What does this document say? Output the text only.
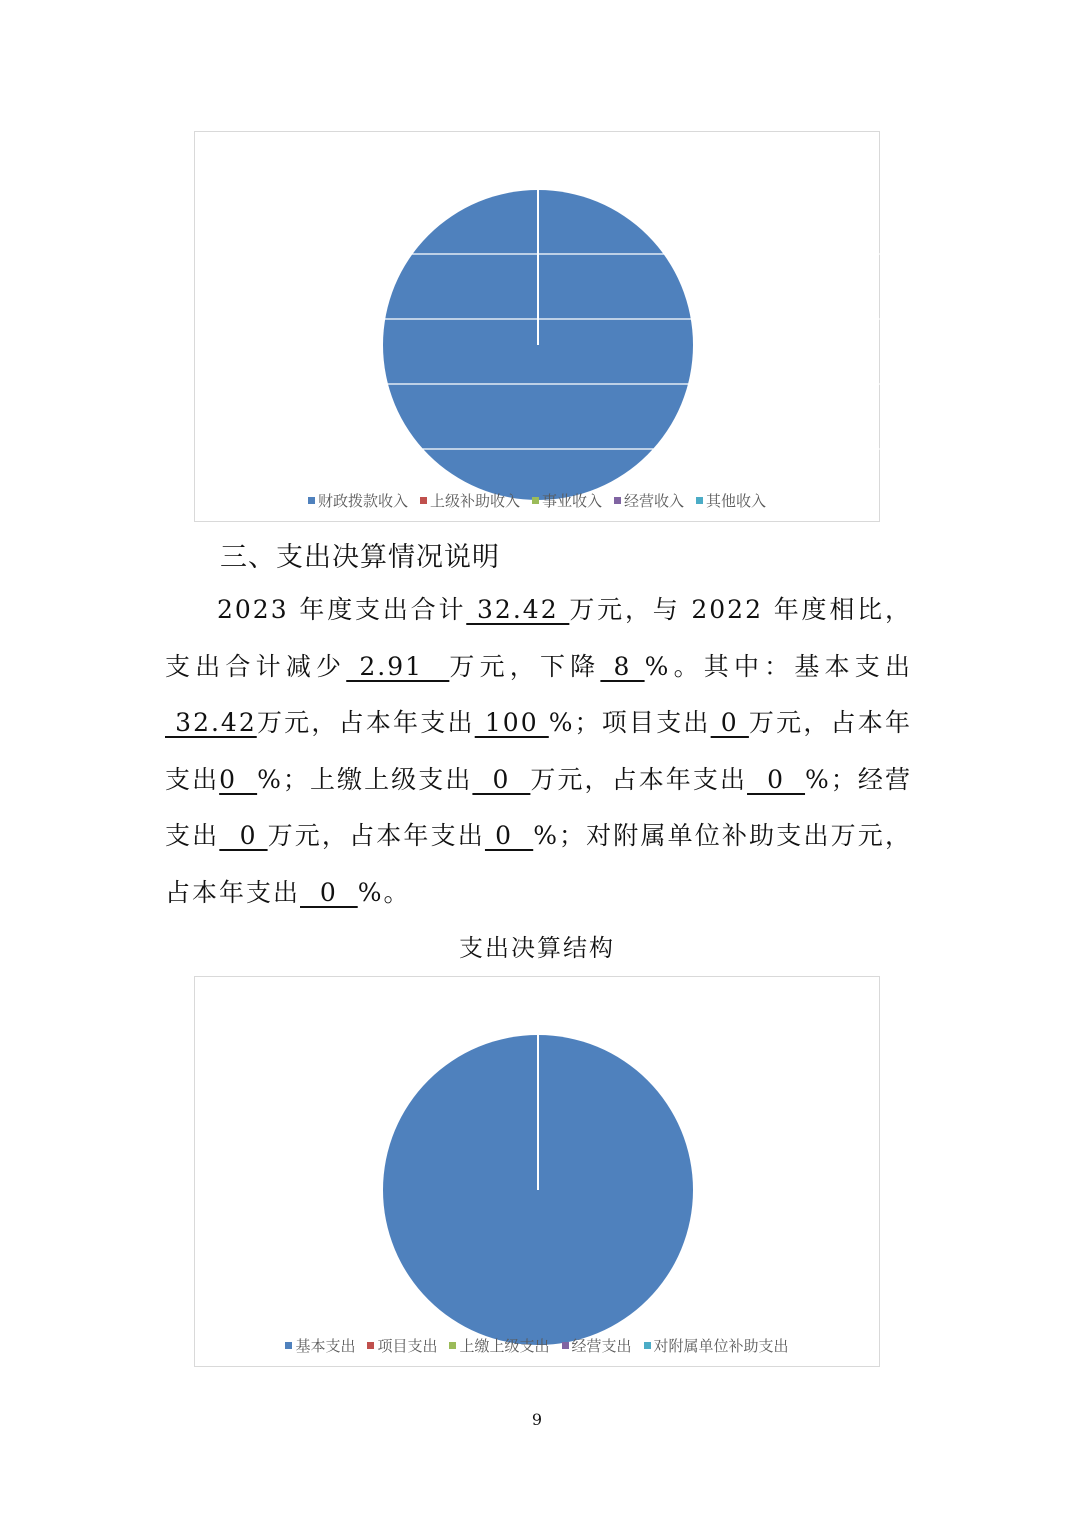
财政拨款收入 上级补助收入 事业收入 经营收入 其他收入
三、支出决算情况说明
2023 年度支出合计 32.42 万元，与 2022 年度相比，支出合计减少 2.91  万元，下降 8 %。其中：基本支出 32.42万元，占本年支出 100 %；项目支出 0 万元，占本年支出0  %；上缴上级支出  0  万元，占本年支出  0  %；经营支出  0 万元，占本年支出 0  %；对附属单位补助支出万元，占本年支出  0  %。
支出决算结构
基本支出 项目支出 上缴上级支出 经营支出 对附属单位补助支出
9
